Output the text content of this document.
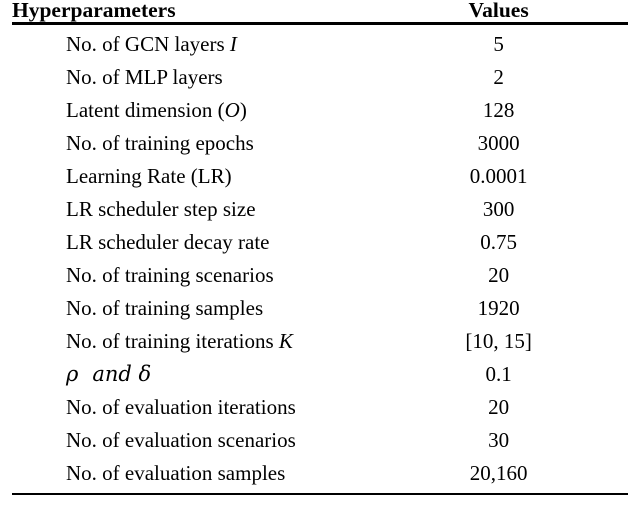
Hyperparameters	Values

No. of GCN layers I	5
No. of MLP layers	2
Latent dimension (O)	128
No. of training epochs	3000
Learning Rate (LR)	0.0001
LR scheduler step size	300
LR scheduler decay rate	0.75
No. of training scenarios	20
No. of training samples	1920
No. of training iterations K	[10, 15]
ρ and δ	0.1
No. of evaluation iterations	20
No. of evaluation scenarios	30
No. of evaluation samples	20,160
